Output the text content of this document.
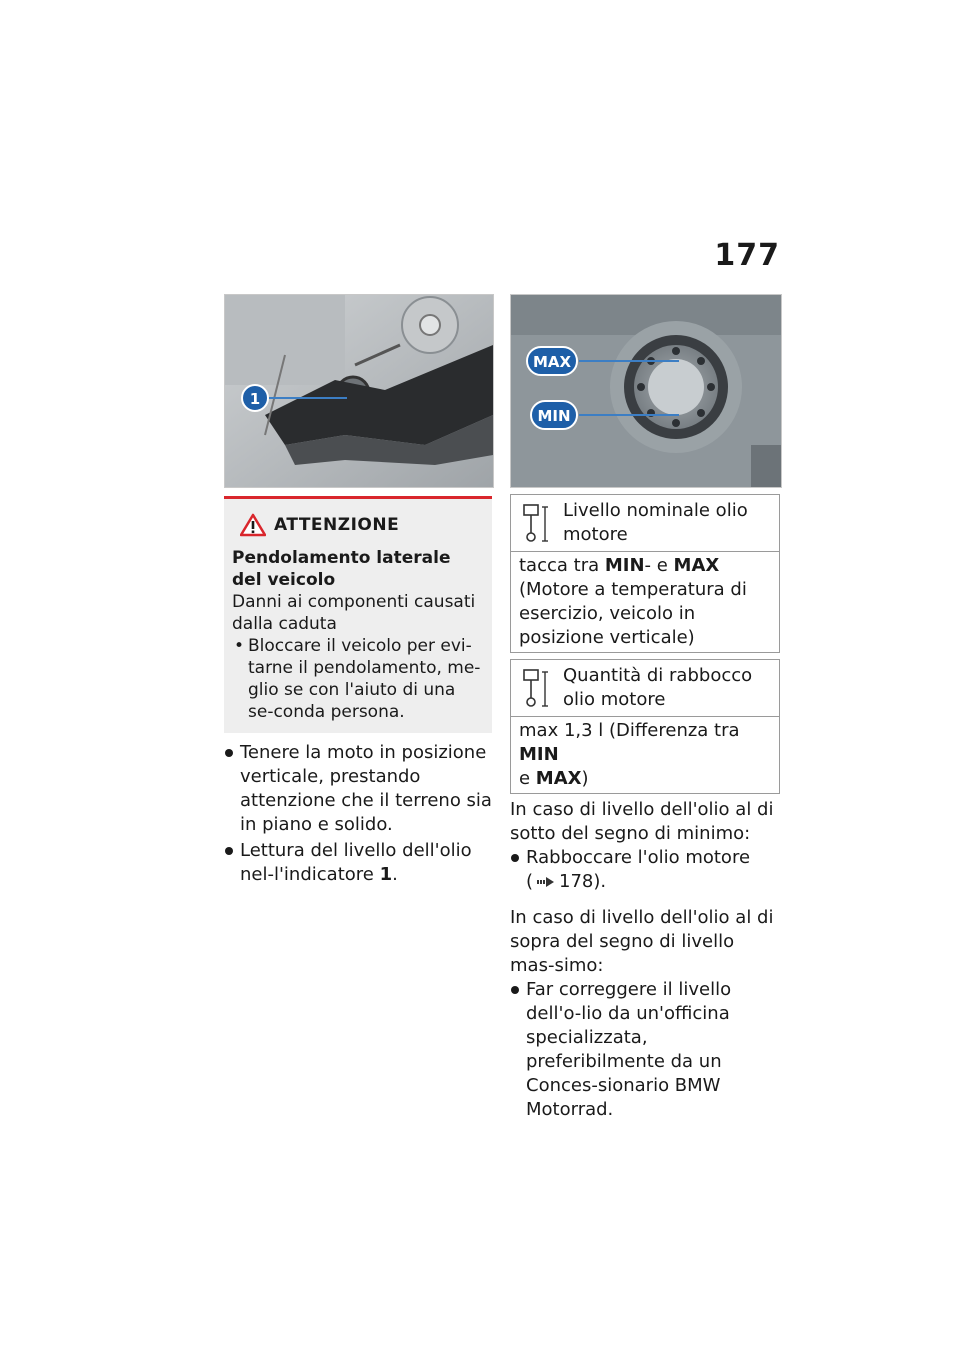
177
1
ATTENZIONE
Pendolamento laterale del veicolo
Danni ai componenti causati dalla caduta
• Bloccare il veicolo per evi-tarne il pendolamento, me-glio se con l'aiuto di una se-conda persona.
Tenere la moto in posizione verticale, prestando attenzione che il terreno sia in piano e solido.
Lettura del livello dell'olio nel-l'indicatore 1.
MAX
MIN
Livello nominale olio motore
tacca tra MIN- e MAX
(Motore a temperatura di esercizio, veicolo in posizione verticale)
Quantità di rabbocco olio motore
max 1,3 l (Differenza tra MIN
e MAX)
In caso di livello dell'olio al di sotto del segno di minimo:
Rabboccare l'olio motore
( 178).
In caso di livello dell'olio al di sopra del segno di livello mas-simo:
Far correggere il livello dell'o-lio da un'officina specializzata, preferibilmente da un Conces-sionario BMW Motorrad.
